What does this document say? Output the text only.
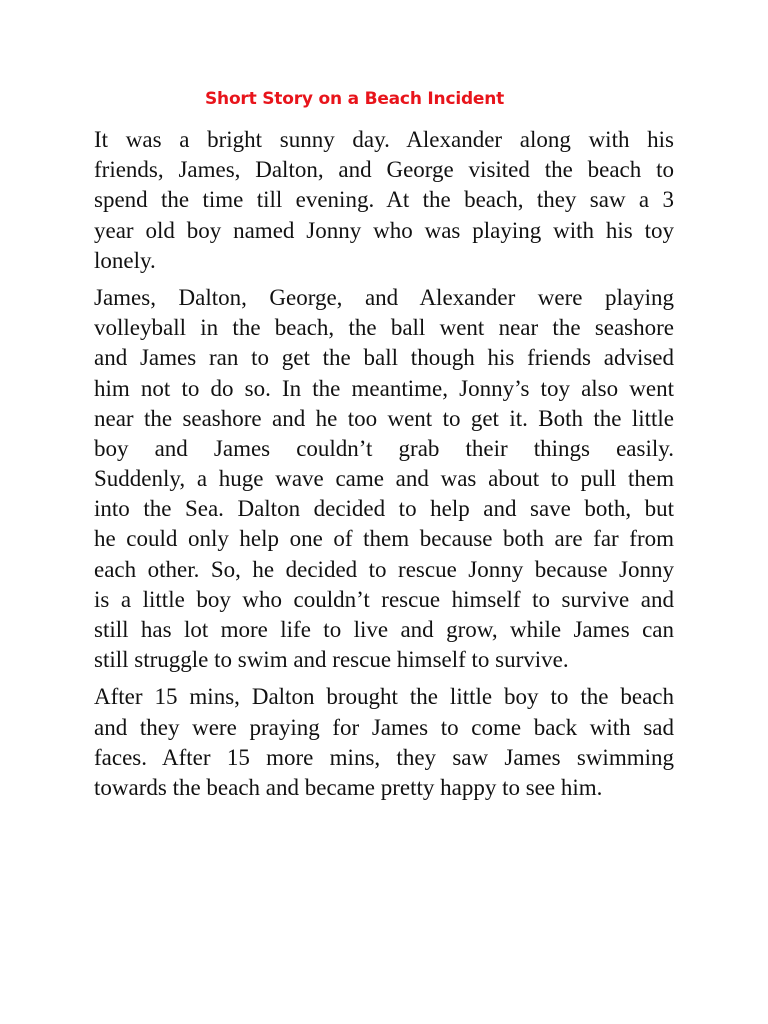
Short Story on a Beach Incident

It was a bright sunny day. Alexander along with his
friends, James, Dalton, and George visited the beach to
spend the time till evening. At the beach, they saw a 3
year old boy named Jonny who was playing with his toy
lonely.

James, Dalton, George, and Alexander were playing
volleyball in the beach, the ball went near the seashore
and James ran to get the ball though his friends advised
him not to do so. In the meantime, Jonny’s toy also went
near the seashore and he too went to get it. Both the little
boy and James couldn’t grab their things easily.
Suddenly, a huge wave came and was about to pull them
into the Sea. Dalton decided to help and save both, but
he could only help one of them because both are far from
each other. So, he decided to rescue Jonny because Jonny
is a little boy who couldn’t rescue himself to survive and
still has lot more life to live and grow, while James can
still struggle to swim and rescue himself to survive.

After 15 mins, Dalton brought the little boy to the beach
and they were praying for James to come back with sad
faces. After 15 more mins, they saw James swimming
towards the beach and became pretty happy to see him.
